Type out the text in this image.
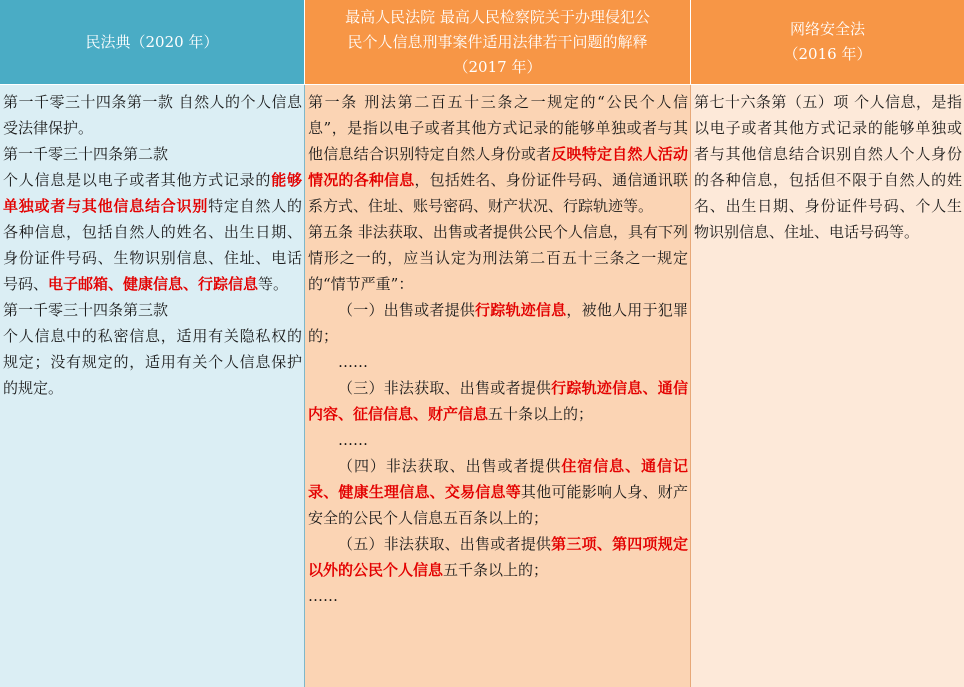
民法典（2020 年）
最高人民法院 最高人民检察院关于办理侵犯公
民个人信息刑事案件适用法律若干问题的解释
（2017 年）
网络安全法
（2016 年）

第一千零三十四条第一款 自然人的个人信息受法律保护。

第一千零三十四条第二款

个人信息是以电子或者其他方式记录的能够单独或者与其他信息结合识别特定自然人的各种信息，包括自然人的姓名、出生日期、身份证件号码、生物识别信息、住址、电话号码、电子邮箱、健康信息、行踪信息等。

第一千零三十四条第三款

个人信息中的私密信息，适用有关隐私权的规定；没有规定的，适用有关个人信息保护的规定。

第一条 刑法第二百五十三条之一规定的“公民个人信息”，是指以电子或者其他方式记录的能够单独或者与其他信息结合识别特定自然人身份或者反映特定自然人活动情况的各种信息，包括姓名、身份证件号码、通信通讯联系方式、住址、账号密码、财产状况、行踪轨迹等。

第五条 非法获取、出售或者提供公民个人信息，具有下列情形之一的，应当认定为刑法第二百五十三条之一规定的“情节严重”：

（一）出售或者提供行踪轨迹信息，被他人用于犯罪的；

……

（三）非法获取、出售或者提供行踪轨迹信息、通信内容、征信信息、财产信息五十条以上的；

……

（四）非法获取、出售或者提供住宿信息、通信记录、健康生理信息、交易信息等其他可能影响人身、财产安全的公民个人信息五百条以上的；

（五）非法获取、出售或者提供第三项、第四项规定以外的公民个人信息五千条以上的；

……

第七十六条第（五）项 个人信息，是指以电子或者其他方式记录的能够单独或者与其他信息结合识别自然人个人身份的各种信息，包括但不限于自然人的姓名、出生日期、身份证件号码、个人生物识别信息、住址、电话号码等。
